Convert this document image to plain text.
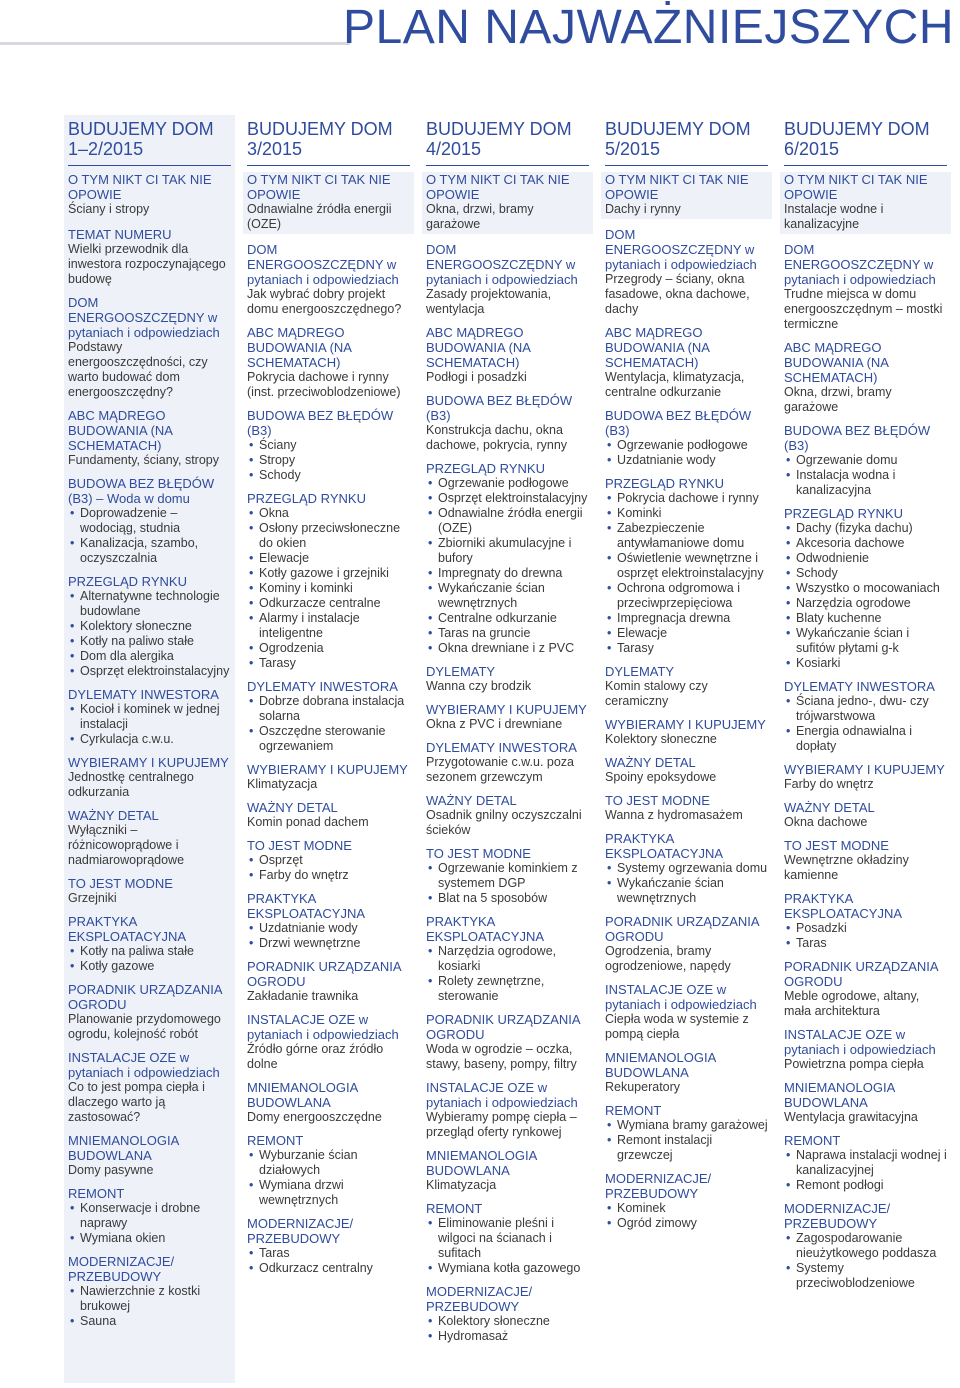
PLAN NAJWAŻNIEJSZYCH
BUDUJEMY DOM 1–2/2015
O TYM NIKT CI TAK NIE OPOWIE
Ściany i stropy
TEMAT NUMERU
Wielki przewodnik dla inwestora rozpoczynającego budowę
DOM ENERGOOSZCZĘDNY w pytaniach i odpowiedziach
Podstawy energooszczędności, czy warto budować dom energooszczędny?
ABC MĄDREGO BUDOWANIA (NA SCHEMATACH)
Fundamenty, ściany, stropy
BUDOWA BEZ BŁĘDÓW (B3) – Woda w domu
• Doprowadzenie – wodociąg, studnia
• Kanalizacja, szambo, oczyszczalnia
PRZEGLĄD RYNKU
• Alternatywne technologie budowlane
• Kolektory słoneczne
• Kotły na paliwo stałe
• Dom dla alergika
• Osprzęt elektroinstalacyjny
DYLEMATY INWESTORA
• Kocioł i kominek w jednej instalacji
• Cyrkulacja c.w.u.
WYBIERAMY I KUPUJEMY
Jednostkę centralnego odkurzania
WAŻNY DETAL
Wyłączniki – różnicowoprądowe i nadmiarowoprądowe
TO JEST MODNE
Grzejniki
PRAKTYKA EKSPLOATACYJNA
• Kotły na paliwa stałe
• Kotły gazowe
PORADNIK URZĄDZANIA OGRODU
Planowanie przydomowego ogrodu, kolejność robót
INSTALACJE OZE w pytaniach i odpowiedziach
Co to jest pompa ciepła i dlaczego warto ją zastosować?
MNIEMANOLOGIA BUDOWLANA
Domy pasywne
REMONT
• Konserwacje i drobne naprawy
• Wymiana okien
MODERNIZACJE/ PRZEBUDOWY
• Nawierzchnie z kostki brukowej
• Sauna
BUDUJEMY DOM 3/2015
O TYM NIKT CI TAK NIE OPOWIE
Odnawialne źródła energii (OZE)
DOM ENERGOOSZCZĘDNY w pytaniach i odpowiedziach
Jak wybrać dobry projekt domu energooszczędnego?
ABC MĄDREGO BUDOWANIA (NA SCHEMATACH)
Pokrycia dachowe i rynny (inst. przeciwoblodzeniowe)
BUDOWA BEZ BŁĘDÓW (B3)
• Ściany
• Stropy
• Schody
PRZEGLĄD RYNKU
• Okna
• Osłony przeciwsłoneczne do okien
• Elewacje
• Kotły gazowe i grzejniki
• Kominy i kominki
• Odkurzacze centralne
• Alarmy i instalacje inteligentne
• Ogrodzenia
• Tarasy
DYLEMATY INWESTORA
• Dobrze dobrana instalacja solarna
• Oszczędne sterowanie ogrzewaniem
WYBIERAMY I KUPUJEMY
Klimatyzacja
WAŻNY DETAL
Komin ponad dachem
TO JEST MODNE
• Osprzęt
• Farby do wnętrz
PRAKTYKA EKSPLOATACYJNA
• Uzdatnianie wody
• Drzwi wewnętrzne
PORADNIK URZĄDZANIA OGRODU
Zakładanie trawnika
INSTALACJE OZE w pytaniach i odpowiedziach
Źródło górne oraz źródło dolne
MNIEMANOLOGIA BUDOWLANA
Domy energooszczędne
REMONT
• Wyburzanie ścian działowych
• Wymiana drzwi wewnętrznych
MODERNIZACJE/ PRZEBUDOWY
• Taras
• Odkurzacz centralny
BUDUJEMY DOM 4/2015
O TYM NIKT CI TAK NIE OPOWIE
Okna, drzwi, bramy garażowe
DOM ENERGOOSZCZĘDNY w pytaniach i odpowiedziach
Zasady projektowania, wentylacja
ABC MĄDREGO BUDOWANIA (NA SCHEMATACH)
Podłogi i posadzki
BUDOWA BEZ BŁĘDÓW (B3)
Konstrukcja dachu, okna dachowe, pokrycia, rynny
PRZEGLĄD RYNKU
• Ogrzewanie podłogowe
• Osprzęt elektroinstalacyjny
• Odnawialne źródła energii (OZE)
• Zbiorniki akumulacyjne i bufory
• Impregnaty do drewna
• Wykańczanie ścian wewnętrznych
• Centralne odkurzanie
• Taras na gruncie
• Okna drewniane i z PVC
DYLEMATY
Wanna czy brodzik
WYBIERAMY I KUPUJEMY
Okna z PVC i drewniane
DYLEMATY INWESTORA
Przygotowanie c.w.u. poza sezonem grzewczym
WAŻNY DETAL
Osadnik gnilny oczyszczalni ścieków
TO JEST MODNE
• Ogrzewanie kominkiem z systemem DGP
• Blat na 5 sposobów
PRAKTYKA EKSPLOATACYJNA
• Narzędzia ogrodowe, kosiarki
• Rolety zewnętrzne, sterowanie
PORADNIK URZĄDZANIA OGRODU
Woda w ogrodzie – oczka, stawy, baseny, pompy, filtry
INSTALACJE OZE w pytaniach i odpowiedziach
Wybieramy pompę ciepła – przegląd oferty rynkowej
MNIEMANOLOGIA BUDOWLANA
Klimatyzacja
REMONT
• Eliminowanie pleśni i wilgoci na ścianach i sufitach
• Wymiana kotła gazowego
MODERNIZACJE/ PRZEBUDOWY
• Kolektory słoneczne
• Hydromasaż
BUDUJEMY DOM 5/2015
O TYM NIKT CI TAK NIE OPOWIE
Dachy i rynny
DOM ENERGOOSZCZĘDNY w pytaniach i odpowiedziach
Przegrody – ściany, okna fasadowe, okna dachowe, dachy
ABC MĄDREGO BUDOWANIA (NA SCHEMATACH)
Wentylacja, klimatyzacja, centralne odkurzanie
BUDOWA BEZ BŁĘDÓW (B3)
• Ogrzewanie podłogowe
• Uzdatnianie wody
PRZEGLĄD RYNKU
• Pokrycia dachowe i rynny
• Kominki
• Zabezpieczenie antywłamaniowe domu
• Oświetlenie wewnętrzne i osprzęt elektroinstalacyjny
• Ochrona odgromowa i przeciwprzepięciowa
• Impregnacja drewna
• Elewacje
• Tarasy
DYLEMATY
Komin stalowy czy ceramiczny
WYBIERAMY I KUPUJEMY
Kolektory słoneczne
WAŻNY DETAL
Spoiny epoksydowe
TO JEST MODNE
Wanna z hydromasażem
PRAKTYKA EKSPLOATACYJNA
• Systemy ogrzewania domu
• Wykańczanie ścian wewnętrznych
PORADNIK URZĄDZANIA OGRODU
Ogrodzenia, bramy ogrodzeniowe, napędy
INSTALACJE OZE w pytaniach i odpowiedziach
Ciepła woda w systemie z pompą ciepła
MNIEMANOLOGIA BUDOWLANA
Rekuperatory
REMONT
• Wymiana bramy garażowej
• Remont instalacji grzewczej
MODERNIZACJE/ PRZEBUDOWY
• Kominek
• Ogród zimowy
BUDUJEMY DOM 6/2015
O TYM NIKT CI TAK NIE OPOWIE
Instalacje wodne i kanalizacyjne
DOM ENERGOOSZCZĘDNY w pytaniach i odpowiedziach
Trudne miejsca w domu energooszczędnym – mostki termiczne
ABC MĄDREGO BUDOWANIA (NA SCHEMATACH)
Okna, drzwi, bramy garażowe
BUDOWA BEZ BŁĘDÓW (B3)
• Ogrzewanie domu
• Instalacja wodna i kanalizacyjna
PRZEGLĄD RYNKU
• Dachy (fizyka dachu)
• Akcesoria dachowe
• Odwodnienie
• Schody
• Wszystko o mocowaniach
• Narzędzia ogrodowe
• Blaty kuchenne
• Wykańczanie ścian i sufitów płytami g-k
• Kosiarki
DYLEMATY INWESTORA
• Ściana jedno-, dwu- czy trójwarstwowa
• Energia odnawialna i dopłaty
WYBIERAMY I KUPUJEMY
Farby do wnętrz
WAŻNY DETAL
Okna dachowe
TO JEST MODNE
Wewnętrzne okładziny kamienne
PRAKTYKA EKSPLOATACYJNA
• Posadzki
• Taras
PORADNIK URZĄDZANIA OGRODU
Meble ogrodowe, altany, mała architektura
INSTALACJE OZE w pytaniach i odpowiedziach
Powietrzna pompa ciepła
MNIEMANOLOGIA BUDOWLANA
Wentylacja grawitacyjna
REMONT
• Naprawa instalacji wodnej i kanalizacyjnej
• Remont podłogi
MODERNIZACJE/ PRZEBUDOWY
• Zagospodarowanie nieużytkowego poddasza
• Systemy przeciwoblodzeniowe
